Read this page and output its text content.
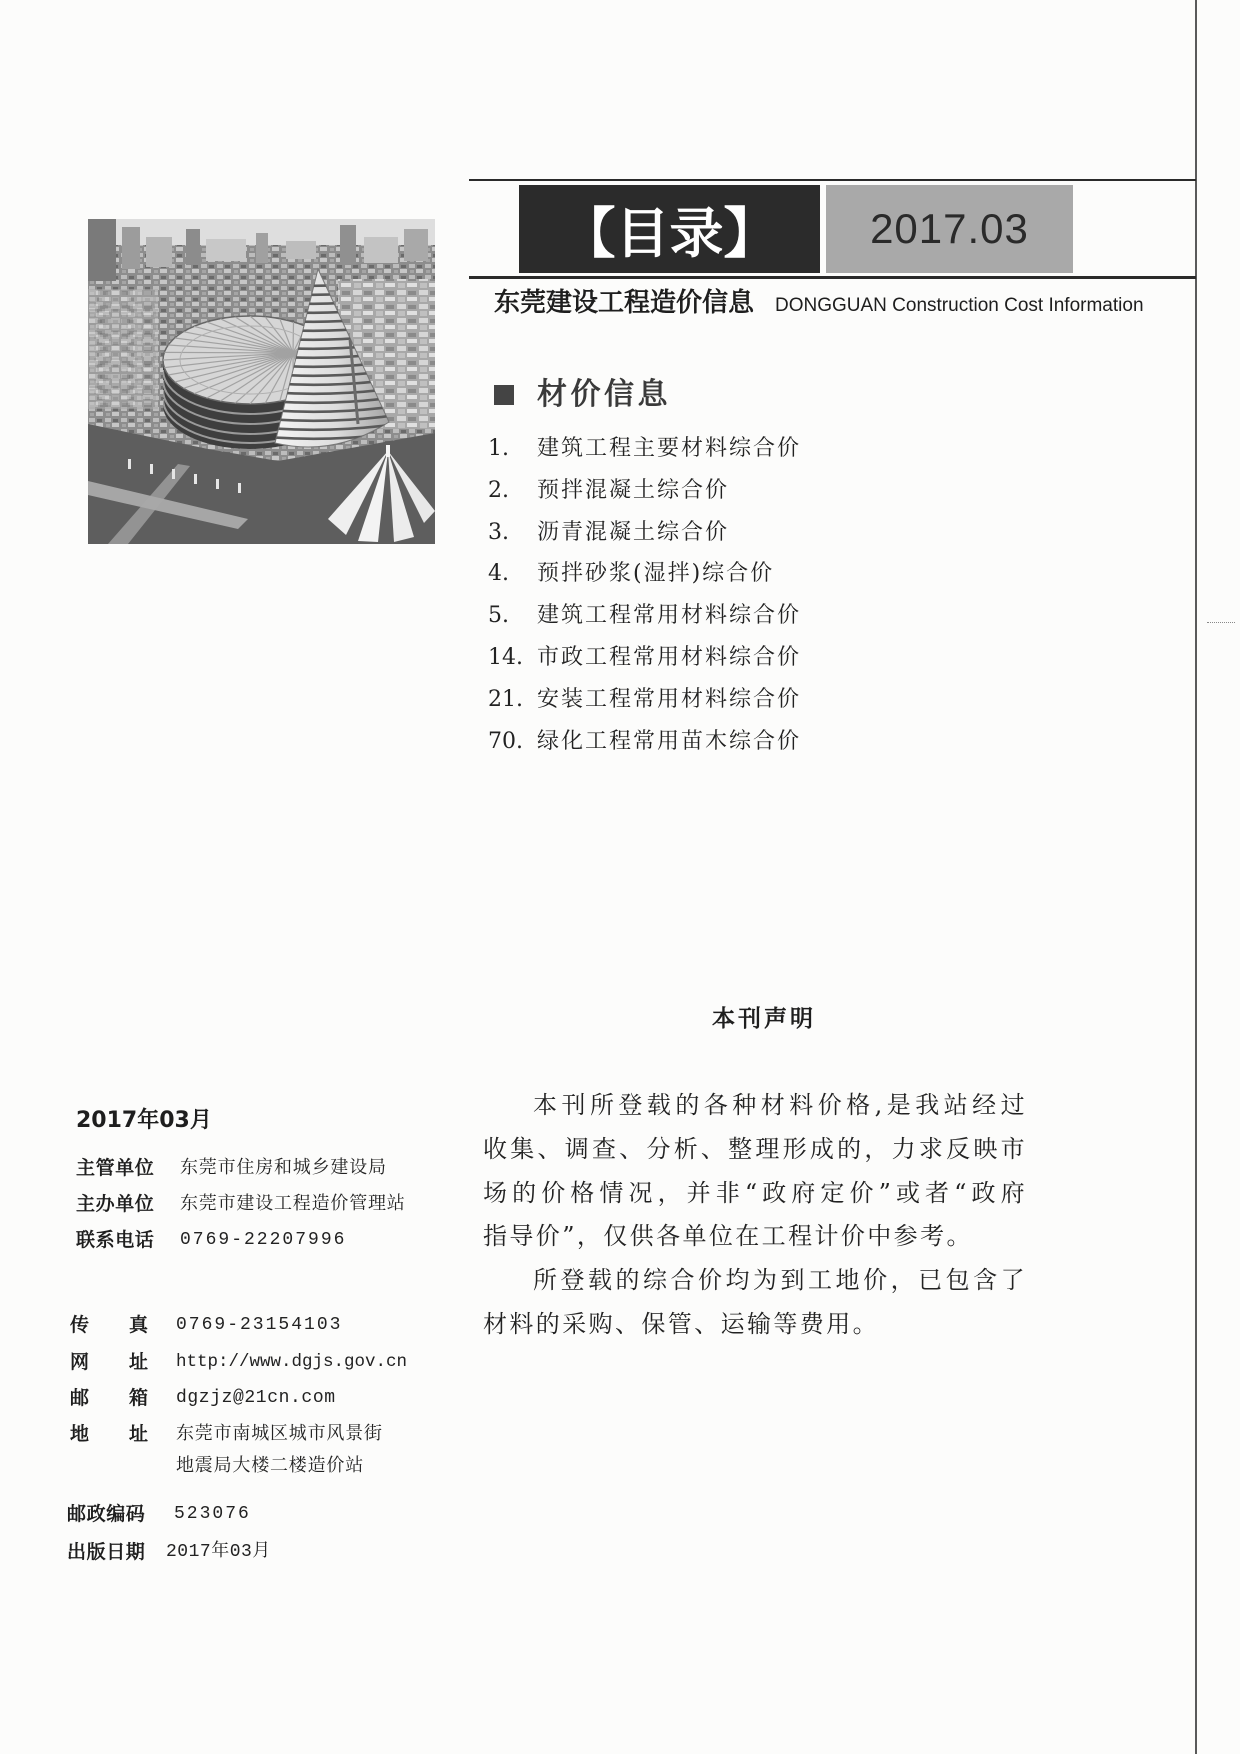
【目录】	2017.03
东莞建设工程造价信息 DONGGUAN Construction Cost Information
材价信息
1. 建筑工程主要材料综合价
2. 预拌混凝土综合价
3. 沥青混凝土综合价
4. 预拌砂浆(湿拌)综合价
5. 建筑工程常用材料综合价
14. 市政工程常用材料综合价
21. 安装工程常用材料综合价
70. 绿化工程常用苗木综合价
本刊声明
本刊所登载的各种材料价格,是我站经过
收集、调查、分析、整理形成的，力求反映市
场的价格情况，并非“政府定价”或者“政府
指导价”，仅供各单位在工程计价中参考。
所登载的综合价均为到工地价，已包含了
材料的采购、保管、运输等费用。
2017年03月
主管单位 东莞市住房和城乡建设局
主办单位 东莞市建设工程造价管理站
联系电话 0769-22207996
传 真 0769-23154103
网 址 http://www.dgjs.gov.cn
邮 箱 dgzjz@21cn.com
地 址 东莞市南城区城市风景街
地震局大楼二楼造价站
邮政编码 523076
出版日期 2017年03月
